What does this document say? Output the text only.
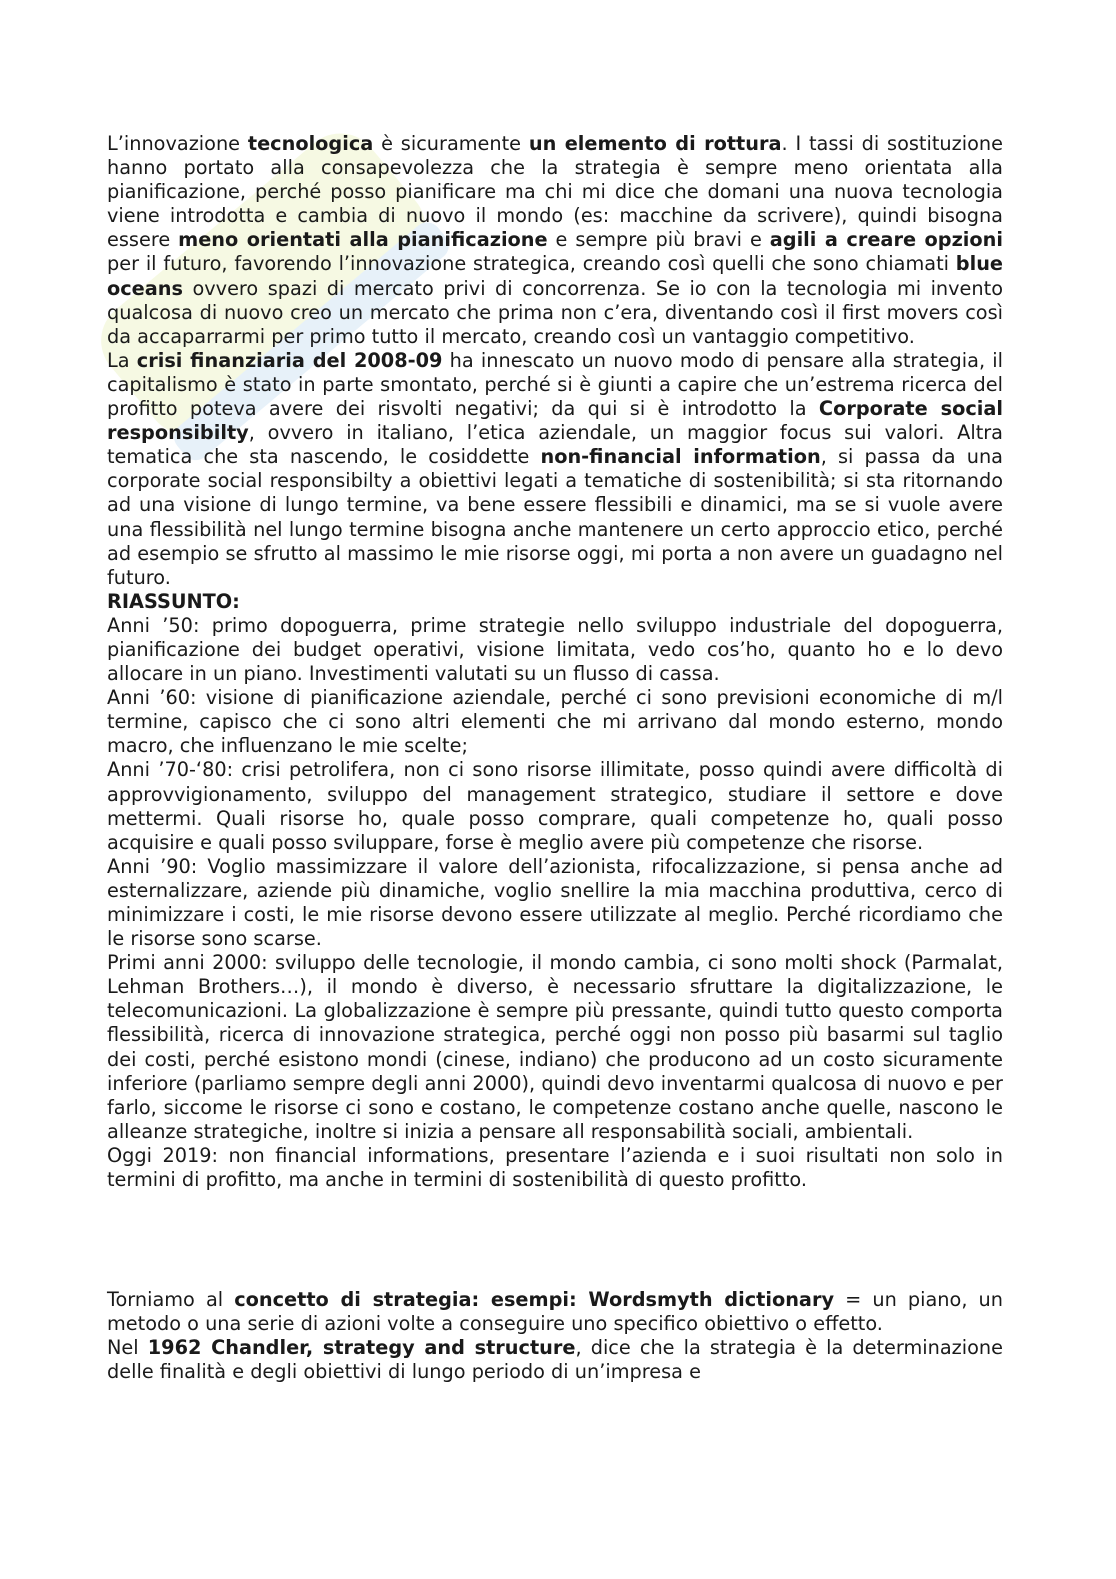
L’innovazione tecnologica è sicuramente un elemento di rottura. I tassi di sostituzione hanno portato alla consapevolezza che la strategia è sempre meno orientata alla pianificazione, perché posso pianificare ma chi mi dice che domani una nuova tecnologia viene introdotta e cambia di nuovo il mondo (es: macchine da scrivere), quindi bisogna essere meno orientati alla pianificazione e sempre più bravi e agili a creare opzioni per il futuro, favorendo l’innovazione strategica, creando così quelli che sono chiamati blue oceans ovvero spazi di mercato privi di concorrenza. Se io con la tecnologia mi invento qualcosa di nuovo creo un mercato che prima non c’era, diventando così il first movers così da accaparrarmi per primo tutto il mercato, creando così un vantaggio competitivo.

La crisi finanziaria del 2008-09 ha innescato un nuovo modo di pensare alla strategia, il capitalismo è stato in parte smontato, perché si è giunti a capire che un’estrema ricerca del profitto poteva avere dei risvolti negativi; da qui si è introdotto la Corporate social responsibilty, ovvero in italiano, l’etica aziendale, un maggior focus sui valori. Altra tematica che sta nascendo, le cosiddette non-financial information, si passa da una corporate social responsibilty a obiettivi legati a tematiche di sostenibilità; si sta ritornando ad una visione di lungo termine, va bene essere flessibili e dinamici, ma se si vuole avere una flessibilità nel lungo termine bisogna anche mantenere un certo approccio etico, perché ad esempio se sfrutto al massimo le mie risorse oggi, mi porta a non avere un guadagno nel futuro.

RIASSUNTO:

Anni ’50: primo dopoguerra, prime strategie nello sviluppo industriale del dopoguerra, pianificazione dei budget operativi, visione limitata, vedo cos’ho, quanto ho e lo devo allocare in un piano. Investimenti valutati su un flusso di cassa.

Anni ’60: visione di pianificazione aziendale, perché ci sono previsioni economiche di m/l termine, capisco che ci sono altri elementi che mi arrivano dal mondo esterno, mondo macro, che influenzano le mie scelte;

Anni ’70-‘80: crisi petrolifera, non ci sono risorse illimitate, posso quindi avere difficoltà di approvvigionamento, sviluppo del management strategico, studiare il settore e dove mettermi. Quali risorse ho, quale posso comprare, quali competenze ho, quali posso acquisire e quali posso sviluppare, forse è meglio avere più competenze che risorse.

Anni ’90: Voglio massimizzare il valore dell’azionista, rifocalizzazione, si pensa anche ad esternalizzare, aziende più dinamiche, voglio snellire la mia macchina produttiva, cerco di minimizzare i costi, le mie risorse devono essere utilizzate al meglio. Perché ricordiamo che le risorse sono scarse.

Primi anni 2000: sviluppo delle tecnologie, il mondo cambia, ci sono molti shock (Parmalat, Lehman Brothers…), il mondo è diverso, è necessario sfruttare la digitalizzazione, le telecomunicazioni. La globalizzazione è sempre più pressante, quindi tutto questo comporta flessibilità, ricerca di innovazione strategica, perché oggi non posso più basarmi sul taglio dei costi, perché esistono mondi (cinese, indiano) che producono ad un costo sicuramente inferiore (parliamo sempre degli anni 2000), quindi devo inventarmi qualcosa di nuovo e per farlo, siccome le risorse ci sono e costano, le competenze costano anche quelle, nascono le alleanze strategiche, inoltre si inizia a pensare all responsabilità sociali, ambientali.

Oggi 2019: non financial informations, presentare l’azienda e i suoi risultati non solo in termini di profitto, ma anche in termini di sostenibilità di questo profitto.

Torniamo al concetto di strategia: esempi: Wordsmyth dictionary = un piano, un metodo o una serie di azioni volte a conseguire uno specifico obiettivo o effetto.

Nel 1962 Chandler, strategy and structure, dice che la strategia è la determinazione delle finalità e degli obiettivi di lungo periodo di un’impresa e
